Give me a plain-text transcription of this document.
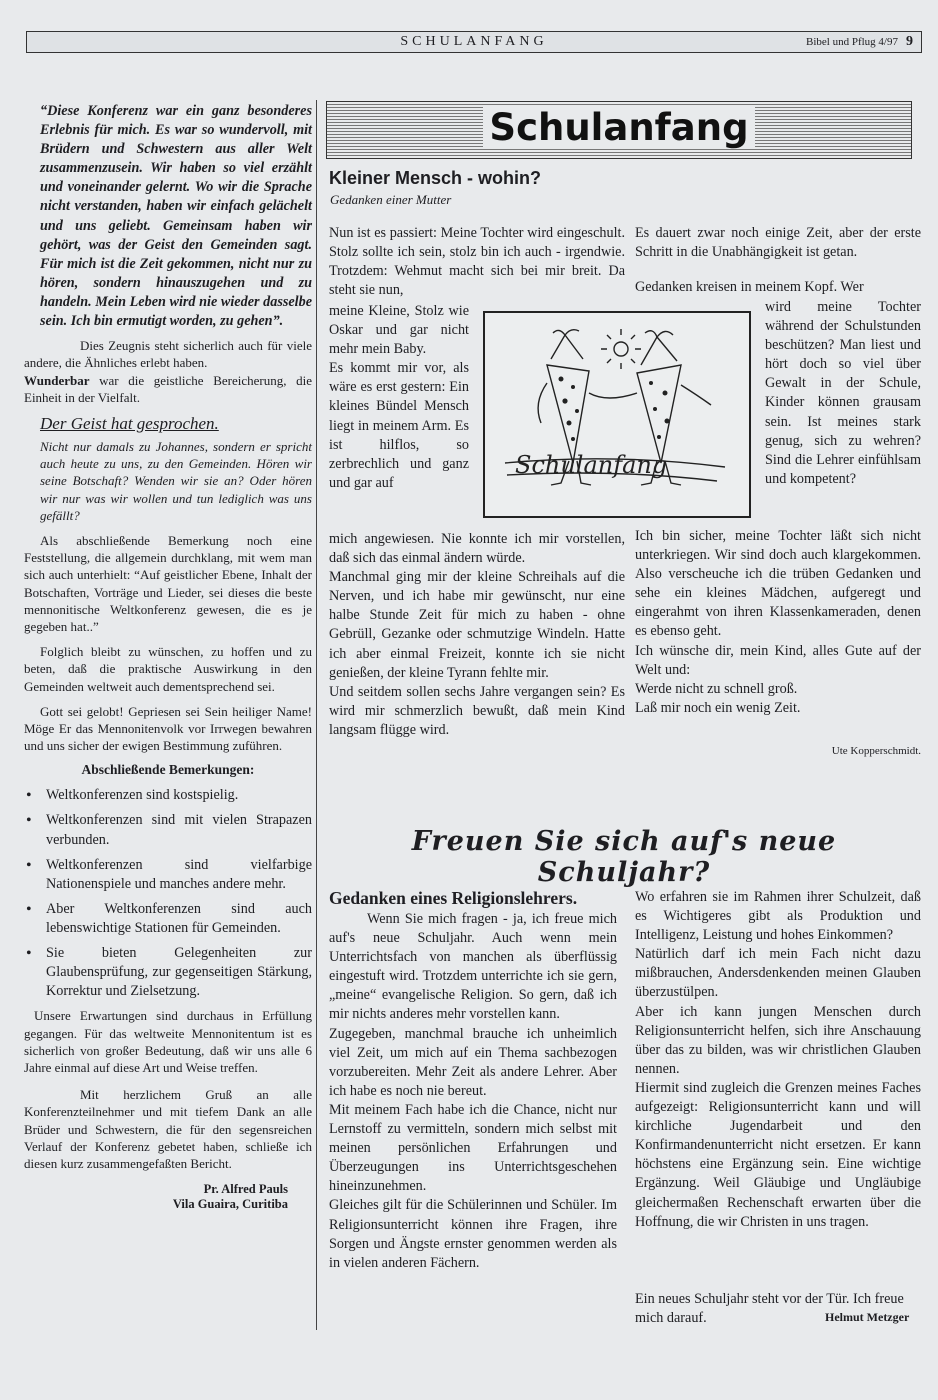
SCHULANFANG	Bibel und Pflug 4/97 9

“Diese Konferenz war ein ganz besonderes Erlebnis für mich. Es war so wundervoll, mit Brüdern und Schwestern aus aller Welt zusammenzusein. Wir haben so viel erzählt und voneinander gelernt. Wo wir die Sprache nicht verstanden, haben wir einfach gelächelt und uns geliebt. Gemeinsam haben wir gehört, was der Geist den Gemeinden sagt. Für mich ist die Zeit gekommen, nicht nur zu hören, sondern hinauszugehen und zu handeln. Mein Leben wird nie wieder dasselbe sein. Ich bin ermutigt worden, zu gehen”.

Dies Zeugnis steht sicherlich auch für viele andere, die Ähnliches erlebt haben.

Wunderbar war die geistliche Bereicherung, die Einheit in der Vielfalt.

Der Geist hat gesprochen.

Nicht nur damals zu Johannes, sondern er spricht auch heute zu uns, zu den Gemeinden. Hören wir seine Botschaft? Wenden wir sie an? Oder hören wir nur was wir wollen und tun lediglich was uns gefällt?

Als abschließende Bemerkung noch eine Feststellung, die allgemein durchklang, mit wem man sich auch unterhielt: “Auf geistlicher Ebene, Inhalt der Botschaften, Vorträge und Lieder, sei dieses die beste mennonitische Weltkonferenz gewesen, die es je gegeben hat..”

Folglich bleibt zu wünschen, zu hoffen und zu beten, daß die praktische Auswirkung in den Gemeinden weltweit auch dementsprechend sei.

Gott sei gelobt! Gepriesen sei Sein heiliger Name! Möge Er das Mennonitenvolk vor Irrwegen bewahren und uns sicher der ewigen Bestimmung zuführen.

Abschließende Bemerkungen:
• Weltkonferenzen sind kostspielig.
• Weltkonferenzen sind mit vielen Strapazen verbunden.
• Weltkonferenzen sind vielfarbige Nationenspiele und manches andere mehr.
• Aber Weltkonferenzen sind auch lebenswichtige Stationen für Gemeinden.
• Sie bieten Gelegenheiten zur Glaubensprüfung, zur gegenseitigen Stärkung, Korrektur und Zielsetzung.

Unsere Erwartungen sind durchaus in Erfüllung gegangen. Für das weltweite Mennonitentum ist es sicherlich von großer Bedeutung, daß wir uns alle 6 Jahre einmal auf diese Art und Weise treffen.

Mit herzlichem Gruß an alle Konferenzteilnehmer und mit tiefem Dank an alle Brüder und Schwestern, die für den segensreichen Verlauf der Konferenz gebetet haben, schließe ich diesen kurz zusammengefaßten Bericht.

Pr. Alfred Pauls
Vila Guaira, Curitiba
Schulanfang
Kleiner Mensch - wohin?
Gedanken einer Mutter

Nun ist es passiert: Meine Tochter wird eingeschult. Stolz sollte ich sein, stolz bin ich auch - irgendwie. Trotzdem: Wehmut macht sich bei mir breit. Da steht sie nun,

meine Kleine, Stolz wie Oskar und gar nicht mehr mein Baby.
Es kommt mir vor, als wäre es erst gestern: Ein kleines Bündel Mensch liegt in meinem Arm. Es ist hilflos, so zerbrechlich und ganz und gar auf

mich angewiesen. Nie konnte ich mir vorstellen, daß sich das einmal ändern würde.
Manchmal ging mir der kleine Schreihals auf die Nerven, und ich habe mir gewünscht, nur eine halbe Stunde Zeit für mich zu haben - ohne Gebrüll, Gezanke oder schmutzige Windeln. Hatte ich aber einmal Freizeit, konnte ich sie nicht genießen, der kleine Tyrann fehlte mir.
Und seitdem sollen sechs Jahre vergangen sein? Es wird mir schmerzlich bewußt, daß mein Kind langsam flügge wird.

Schulanfang

Es dauert zwar noch einige Zeit, aber der erste Schritt in die Unabhängigkeit ist getan.

Gedanken kreisen in meinem Kopf. Wer

wird meine Tochter während der Schulstunden beschützen? Man liest und hört doch so viel über Gewalt in der Schule, Kinder können grausam sein. Ist meines stark genug, sich zu wehren? Sind die Lehrer einfühlsam und kompetent?

Ich bin sicher, meine Tochter läßt sich nicht unterkriegen. Wir sind doch auch klargekommen. Also verscheuche ich die trüben Gedanken und sehe ein kleines Mädchen, aufgeregt und eingerahmt von ihren Klassenkameraden, denen es ebenso geht.
Ich wünsche dir, mein Kind, alles Gute auf der Welt und:
Werde nicht zu schnell groß.
Laß mir noch ein wenig Zeit.

Ute Kopperschmidt.
Freuen Sie sich auf's neue Schuljahr?
Gedanken eines Religionslehrers.

Wenn Sie mich fragen - ja, ich freue mich auf's neue Schuljahr. Auch wenn mein Unterrichtsfach von manchen als überflüssig eingestuft wird. Trotzdem unterrichte ich sie gern, „meine“ evangelische Religion. So gern, daß ich mir nichts anderes mehr vorstellen kann.
Zugegeben, manchmal brauche ich unheimlich viel Zeit, um mich auf ein Thema sachbezogen vorzubereiten. Mehr Zeit als andere Lehrer. Aber ich habe es noch nie bereut.
Mit meinem Fach habe ich die Chance, nicht nur Lernstoff zu vermitteln, sondern mich selbst mit meinen persönlichen Erfahrungen und Überzeugungen ins Unterrichtsgeschehen hineinzunehmen.
Gleiches gilt für die Schülerinnen und Schüler. Im Religionsunterricht können ihre Fragen, ihre Sorgen und Ängste ernster genommen werden als in vielen anderen Fächern.

Wo erfahren sie im Rahmen ihrer Schulzeit, daß es Wichtigeres gibt als Produktion und Intelligenz, Leistung und hohes Einkommen?
Natürlich darf ich mein Fach nicht dazu mißbrauchen, Andersdenkenden meinen Glauben überzustülpen.
Aber ich kann jungen Menschen durch Religionsunterricht helfen, sich ihre Anschauung über das zu bilden, was wir christlichen Glauben nennen.
Hiermit sind zugleich die Grenzen meines Faches aufgezeigt: Religionsunterricht kann und will kirchliche Jugendarbeit und den Konfirmandenunterricht nicht ersetzen. Er kann höchstens eine Ergänzung sein. Eine wichtige Ergänzung. Weil Gläubige und Ungläubige gleichermaßen Rechenschaft erwarten über die Hoffnung, die wir Christen in uns tragen.

Ein neues Schuljahr steht vor der Tür. Ich freue mich darauf.	Helmut Metzger
